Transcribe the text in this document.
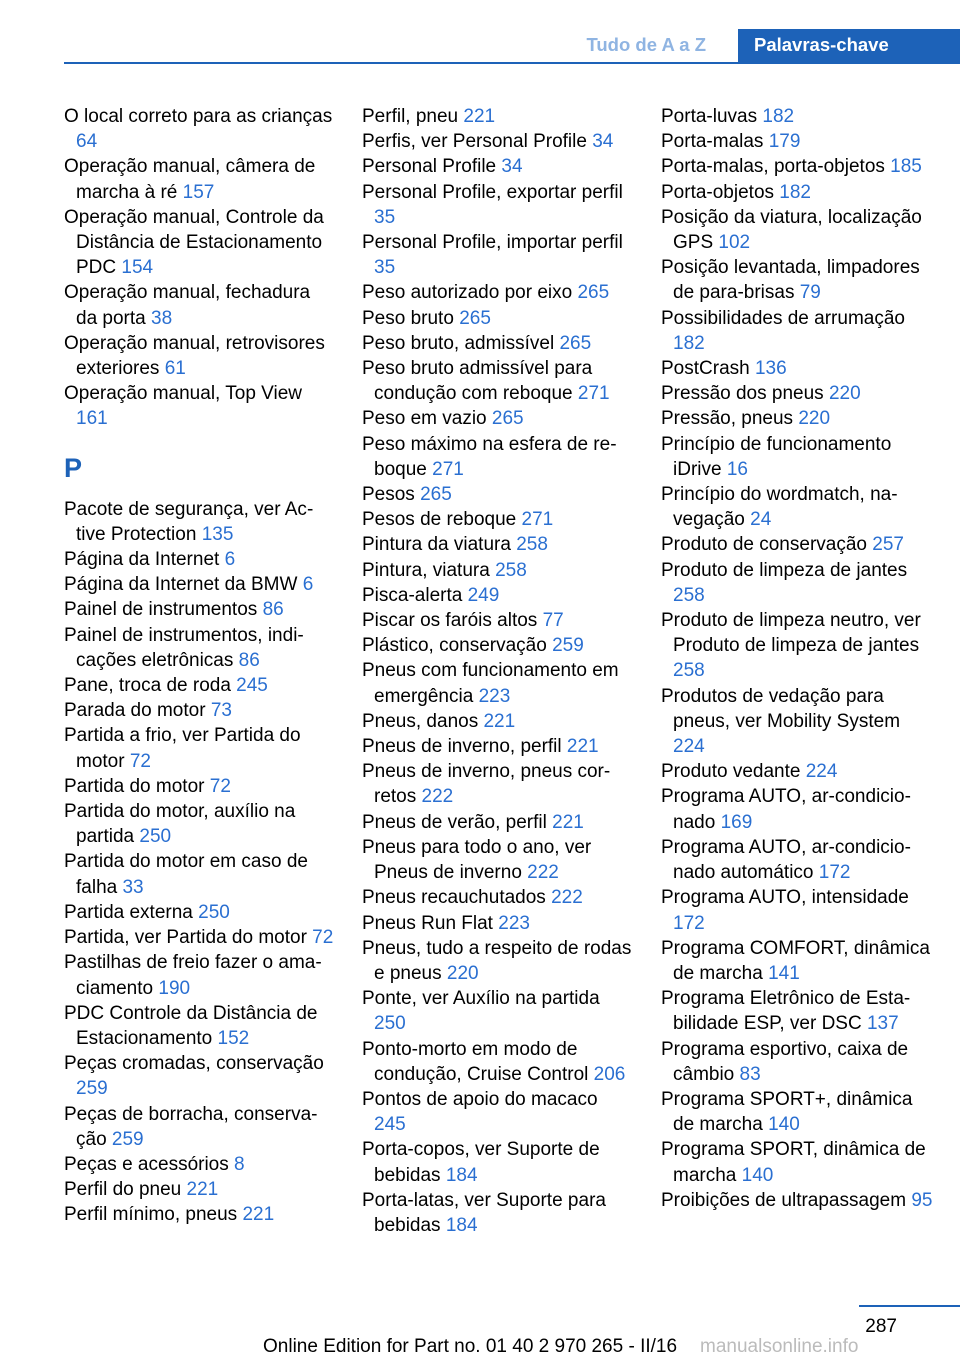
Tudo de A a Z	Palavras-chave

O local correto para as crianças 64

Operação manual, câmera de marcha à ré 157

Operação manual, Controle da Distância de Estacionamento PDC 154

Operação manual, fechadura da porta 38

Operação manual, retrovisores exteriores 61

Operação manual, Top View 161

P

Pacote de segurança, ver Active Protection 135

Página da Internet 6

Página da Internet da BMW 6

Painel de instrumentos 86

Painel de instrumentos, indicações eletrônicas 86

Pane, troca de roda 245

Parada do motor 73

Partida a frio, ver Partida do motor 72

Partida do motor 72

Partida do motor, auxílio na partida 250

Partida do motor em caso de falha 33

Partida externa 250

Partida, ver Partida do motor 72

Pastilhas de freio fazer o amaciamento 190

PDC Controle da Distância de Estacionamento 152

Peças cromadas, conservação 259

Peças de borracha, conservação 259

Peças e acessórios 8

Perfil do pneu 221

Perfil mínimo, pneus 221

Perfil, pneu 221

Perfis, ver Personal Profile 34

Personal Profile 34

Personal Profile, exportar perfil 35

Personal Profile, importar perfil 35

Peso autorizado por eixo 265

Peso bruto 265

Peso bruto, admissível 265

Peso bruto admissível para condução com reboque 271

Peso em vazio 265

Peso máximo na esfera de reboque 271

Pesos 265

Pesos de reboque 271

Pintura da viatura 258

Pintura, viatura 258

Pisca-alerta 249

Piscar os faróis altos 77

Plástico, conservação 259

Pneus com funcionamento em emergência 223

Pneus, danos 221

Pneus de inverno, perfil 221

Pneus de inverno, pneus corretos 222

Pneus de verão, perfil 221

Pneus para todo o ano, ver Pneus de inverno 222

Pneus recauchutados 222

Pneus Run Flat 223

Pneus, tudo a respeito de rodas e pneus 220

Ponte, ver Auxílio na partida 250

Ponto-morto em modo de condução, Cruise Control 206

Pontos de apoio do macaco 245

Porta-copos, ver Suporte de bebidas 184

Porta-latas, ver Suporte para bebidas 184

Porta-luvas 182

Porta-malas 179

Porta-malas, porta-objetos 185

Porta-objetos 182

Posição da viatura, localização GPS 102

Posição levantada, limpadores de para-brisas 79

Possibilidades de arrumação 182

PostCrash 136

Pressão dos pneus 220

Pressão, pneus 220

Princípio de funcionamento iDrive 16

Princípio do wordmatch, navegação 24

Produto de conservação 257

Produto de limpeza de jantes 258

Produto de limpeza neutro, ver Produto de limpeza de jantes 258

Produtos de vedação para pneus, ver Mobility System 224

Produto vedante 224

Programa AUTO, ar-condicionado 169

Programa AUTO, ar-condicionado automático 172

Programa AUTO, intensidade 172

Programa COMFORT, dinâmica de marcha 141

Programa Eletrônico de Estabilidade ESP, ver DSC 137

Programa esportivo, caixa de câmbio 83

Programa SPORT+, dinâmica de marcha 140

Programa SPORT, dinâmica de marcha 140

Proibições de ultrapassagem 95

287
Online Edition for Part no. 01 40 2 970 265 - II/16 manualsonline.info
